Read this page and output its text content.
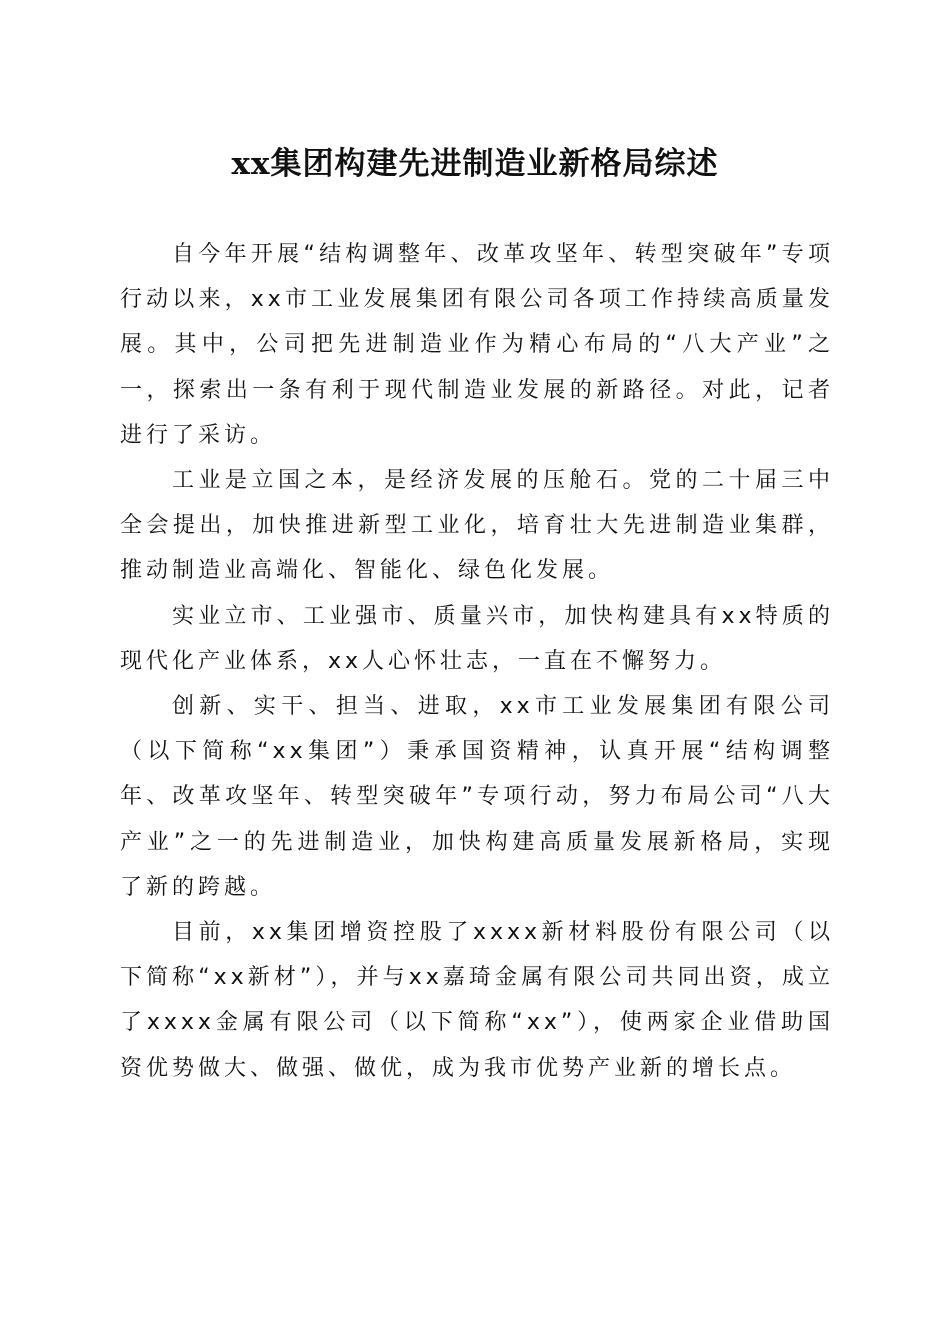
xx集团构建先进制造业新格局综述

自今年开展“结构调整年、改革攻坚年、转型突破年”专项行动以来，xx市工业发展集团有限公司各项工作持续高质量发展。其中，公司把先进制造业作为精心布局的“八大产业”之一，探索出一条有利于现代制造业发展的新路径。对此，记者进行了采访。

工业是立国之本，是经济发展的压舱石。党的二十届三中全会提出，加快推进新型工业化，培育壮大先进制造业集群，推动制造业高端化、智能化、绿色化发展。

实业立市、工业强市、质量兴市，加快构建具有xx特质的现代化产业体系，xx人心怀壮志，一直在不懈努力。

创新、实干、担当、进取，xx市工业发展集团有限公司（以下简称“xx集团”）秉承国资精神，认真开展“结构调整年、改革攻坚年、转型突破年”专项行动，努力布局公司“八大产业”之一的先进制造业，加快构建高质量发展新格局，实现了新的跨越。

目前，xx集团增资控股了xxxx新材料股份有限公司（以下简称“xx新材”），并与xx嘉琦金属有限公司共同出资，成立了xxxx金属有限公司（以下简称“xx”），使两家企业借助国资优势做大、做强、做优，成为我市优势产业新的增长点。
